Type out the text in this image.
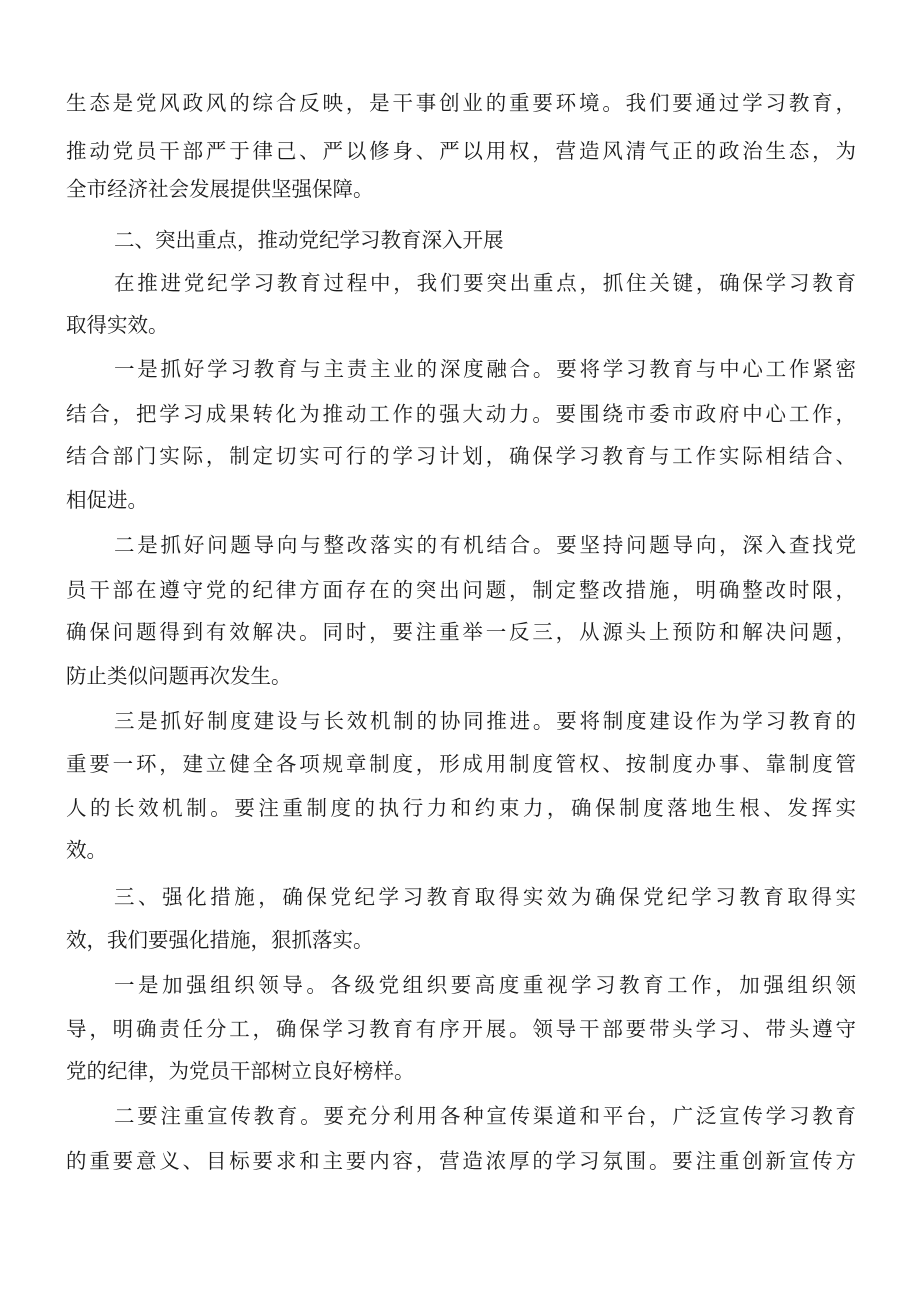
生态是党风政风的综合反映，是干事创业的重要环境。我们要通过学习教育，

推动党员干部严于律己、严以修身、严以用权，营造风清气正的政治生态，为

全市经济社会发展提供坚强保障。

二、突出重点，推动党纪学习教育深入开展

在推进党纪学习教育过程中，我们要突出重点，抓住关键，确保学习教育

取得实效。

一是抓好学习教育与主责主业的深度融合。要将学习教育与中心工作紧密

结合，把学习成果转化为推动工作的强大动力。要围绕市委市政府中心工作，

结合部门实际，制定切实可行的学习计划，确保学习教育与工作实际相结合、

相促进。

二是抓好问题导向与整改落实的有机结合。要坚持问题导向，深入查找党

员干部在遵守党的纪律方面存在的突出问题，制定整改措施，明确整改时限，

确保问题得到有效解决。同时，要注重举一反三，从源头上预防和解决问题，

防止类似问题再次发生。

三是抓好制度建设与长效机制的协同推进。要将制度建设作为学习教育的

重要一环，建立健全各项规章制度，形成用制度管权、按制度办事、靠制度管

人的长效机制。要注重制度的执行力和约束力，确保制度落地生根、发挥实

效。

三、强化措施，确保党纪学习教育取得实效为确保党纪学习教育取得实

效，我们要强化措施，狠抓落实。

一是加强组织领导。各级党组织要高度重视学习教育工作，加强组织领

导，明确责任分工，确保学习教育有序开展。领导干部要带头学习、带头遵守

党的纪律，为党员干部树立良好榜样。

二要注重宣传教育。要充分利用各种宣传渠道和平台，广泛宣传学习教育

的重要意义、目标要求和主要内容，营造浓厚的学习氛围。要注重创新宣传方
